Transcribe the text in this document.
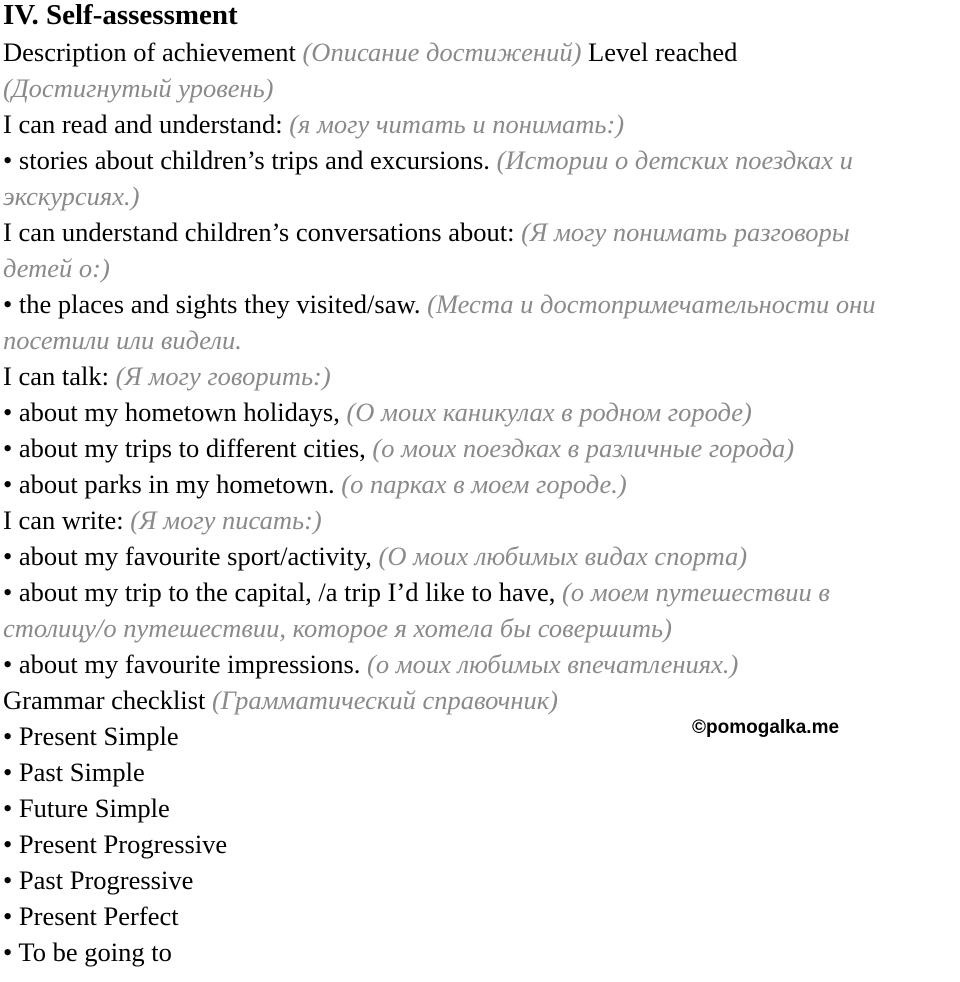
IV. Self-assessment
Description of achievement (Описание достижений) Level reached
(Достигнутый уровень)
I can read and understand: (я могу читать и понимать:)
• stories about children’s trips and excursions. (Истории о детских поездках и
экскурсиях.)
I can understand children’s conversations about: (Я могу понимать разговоры
детей о:)
• the places and sights they visited/saw. (Места и достопримечательности они
посетили или видели.
I can talk: (Я могу говорить:)
• about my hometown holidays, (О моих каникулах в родном городе)
• about my trips to different cities, (о моих поездках в различные города)
• about parks in my hometown. (о парках в моем городе.)
I can write: (Я могу писать:)
• about my favourite sport/activity, (О моих любимых видах спорта)
• about my trip to the capital, /a trip I’d like to have, (о моем путешествии в
столицу/о путешествии, которое я хотела бы совершить)
• about my favourite impressions. (о моих любимых впечатлениях.)
Grammar checklist (Грамматический справочник)
• Present Simple
• Past Simple
• Future Simple
• Present Progressive
• Past Progressive
• Present Perfect
• To be going to
©pomogalka.me
